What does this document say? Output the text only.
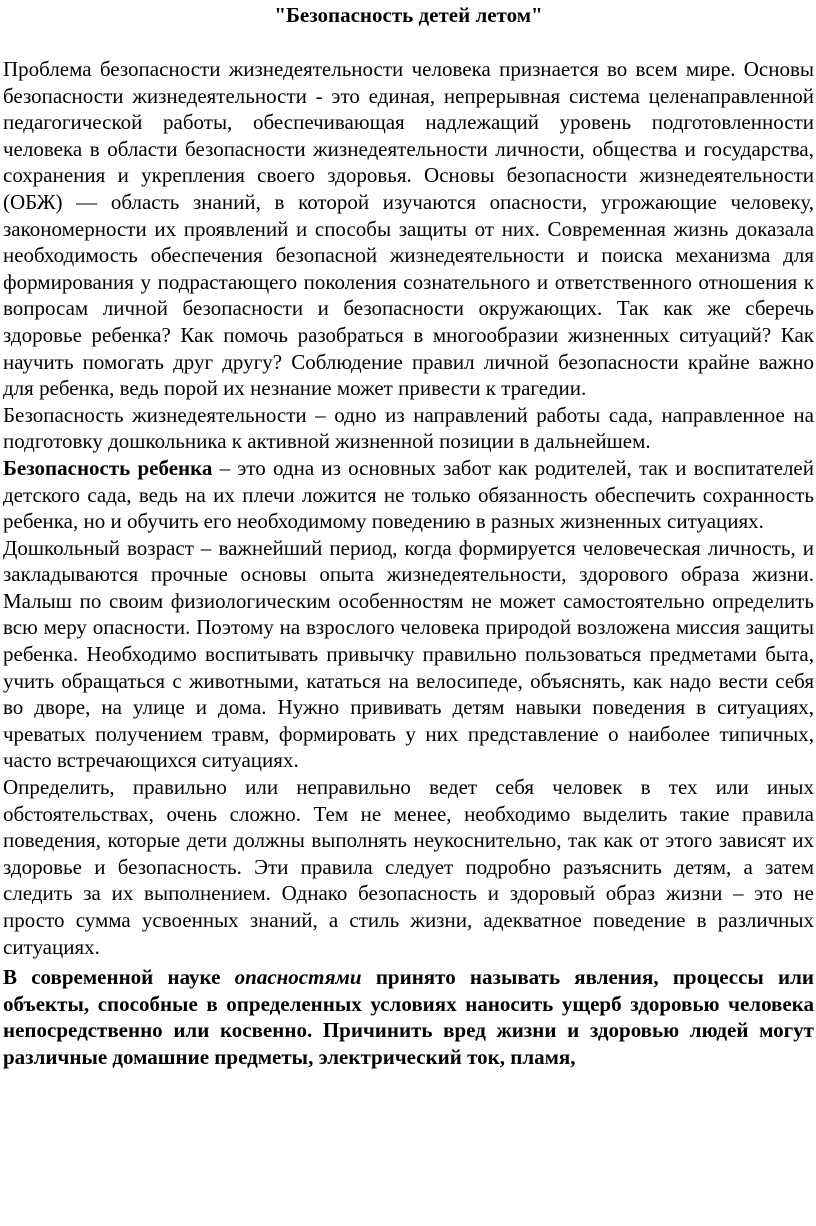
"Безопасность детей летом"

Проблема безопасности жизнедеятельности человека признается во всем мире. Основы безопасности жизнедеятельности - это единая, непрерывная система целенаправленной педагогической работы, обеспечивающая надлежащий уровень подготовленности человека в области безопасности жизнедеятельности личности, общества и государства, сохранения и укрепления своего здоровья. Основы безопасности жизнедеятельности (ОБЖ) — область знаний, в которой изучаются опасности, угрожающие человеку, закономерности их проявлений и способы защиты от них. Современная жизнь доказала необходимость обеспечения безопасной жизнедеятельности и поиска механизма для формирования у подрастающего поколения сознательного и ответственного отношения к вопросам личной безопасности и безопасности окружающих. Так как же сберечь здоровье ребенка? Как помочь разобраться в многообразии жизненных ситуаций? Как научить помогать друг другу? Соблюдение правил личной безопасности крайне важно для ребенка, ведь порой их незнание может привести к трагедии.

Безопасность жизнедеятельности – одно из направлений работы сада, направленное на подготовку дошкольника к активной жизненной позиции в дальнейшем.

Безопасность ребенка – это одна из основных забот как родителей, так и воспитателей детского сада, ведь на их плечи ложится не только обязанность обеспечить сохранность ребенка, но и обучить его необходимому поведению в разных жизненных ситуациях.

Дошкольный возраст – важнейший период, когда формируется человеческая личность, и закладываются прочные основы опыта жизнедеятельности, здорового образа жизни. Малыш по своим физиологическим особенностям не может самостоятельно определить всю меру опасности. Поэтому на взрослого человека природой возложена миссия защиты ребенка. Необходимо воспитывать привычку правильно пользоваться предметами быта, учить обращаться с животными, кататься на велосипеде, объяснять, как надо вести себя во дворе, на улице и дома. Нужно прививать детям навыки поведения в ситуациях, чреватых получением травм, формировать у них представление о наиболее типичных, часто встречающихся ситуациях.

Определить, правильно или неправильно ведет себя человек в тех или иных обстоятельствах, очень сложно. Тем не менее, необходимо выделить такие правила поведения, которые дети должны выполнять неукоснительно, так как от этого зависят их здоровье и безопасность. Эти правила следует подробно разъяснить детям, а затем следить за их выполнением. Однако безопасность и здоровый образ жизни – это не просто сумма усвоенных знаний, а стиль жизни, адекватное поведение в различных ситуациях.

В современной науке опасностями принято называть явления, процессы или объекты, способные в определенных условиях наносить ущерб здоровью человека непосредственно или косвенно. Причинить вред жизни и здоровью людей могут различные домашние предметы, электрический ток, пламя,
